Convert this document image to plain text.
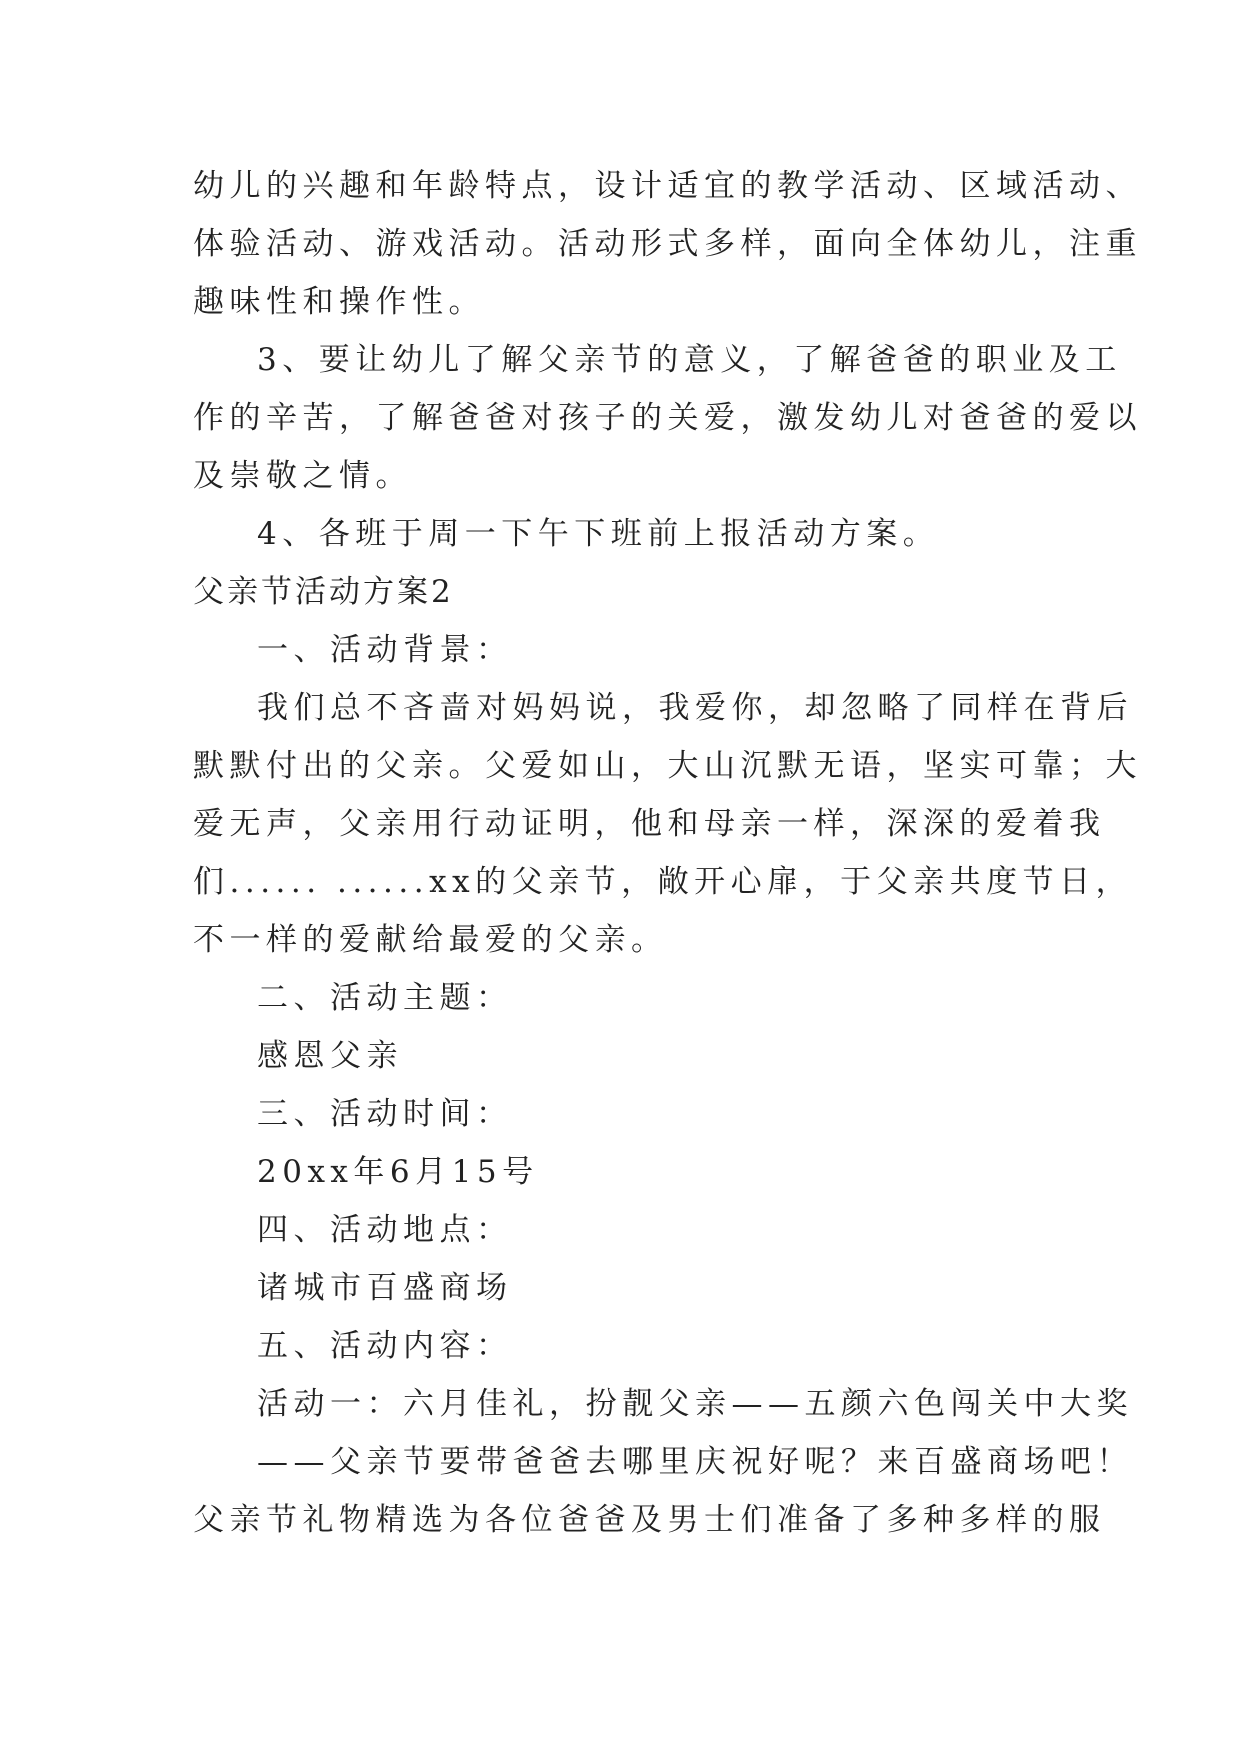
幼儿的兴趣和年龄特点，设计适宜的教学活动、区域活动、
体验活动、游戏活动。活动形式多样，面向全体幼儿，注重
趣味性和操作性。
3、要让幼儿了解父亲节的意义，了解爸爸的职业及工
作的辛苦，了解爸爸对孩子的关爱，激发幼儿对爸爸的爱以
及崇敬之情。
4、各班于周一下午下班前上报活动方案。
父亲节活动方案2
一、活动背景：
我们总不吝啬对妈妈说，我爱你，却忽略了同样在背后
默默付出的父亲。父爱如山，大山沉默无语，坚实可靠；大
爱无声，父亲用行动证明，他和母亲一样，深深的爱着我
们...... ......xx的父亲节，敞开心扉，于父亲共度节日，
不一样的爱献给最爱的父亲。
二、活动主题：
感恩父亲
三、活动时间：
20xx年6月15号
四、活动地点：
诸城市百盛商场
五、活动内容：
活动一：六月佳礼，扮靓父亲——五颜六色闯关中大奖
——父亲节要带爸爸去哪里庆祝好呢？来百盛商场吧！
父亲节礼物精选为各位爸爸及男士们准备了多种多样的服
